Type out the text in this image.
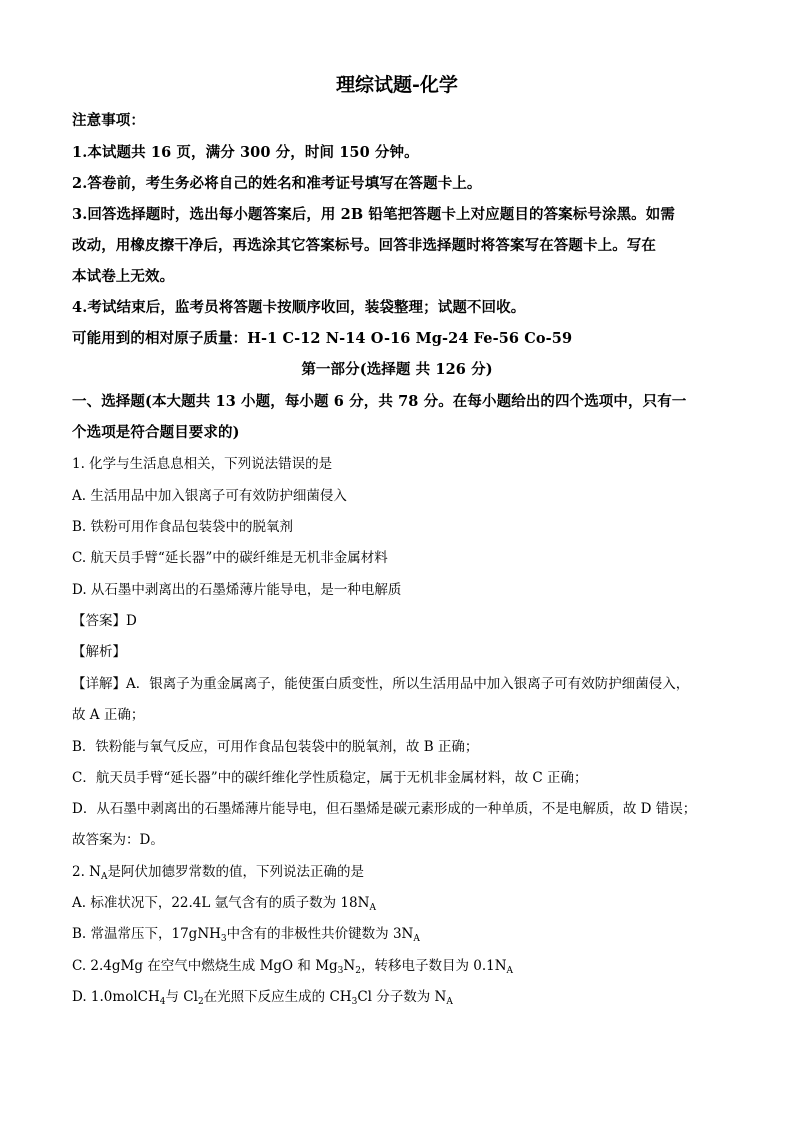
理综试题-化学
注意事项：
1.本试题共 16 页，满分 300 分，时间 150 分钟。
2.答卷前，考生务必将自己的姓名和准考证号填写在答题卡上。
3.回答选择题时，选出每小题答案后，用 2B 铅笔把答题卡上对应题目的答案标号涂黑。如需
改动，用橡皮擦干净后，再选涂其它答案标号。回答非选择题时将答案写在答题卡上。写在
本试卷上无效。
4.考试结束后，监考员将答题卡按顺序收回，装袋整理；试题不回收。
可能用到的相对原子质量：H-1 C-12 N-14 O-16 Mg-24 Fe-56 Co-59
第一部分(选择题 共 126 分)
一、选择题(本大题共 13 小题，每小题 6 分，共 78 分。在每小题给出的四个选项中，只有一
个选项是符合题目要求的)
1. 化学与生活息息相关，下列说法错误的是
A. 生活用品中加入银离子可有效防护细菌侵入
B. 铁粉可用作食品包装袋中的脱氧剂
C. 航天员手臂“延长器”中的碳纤维是无机非金属材料
D. 从石墨中剥离出的石墨烯薄片能导电，是一种电解质
【答案】D
【解析】
【详解】A．银离子为重金属离子，能使蛋白质变性，所以生活用品中加入银离子可有效防护细菌侵入，
故 A 正确；
B．铁粉能与氧气反应，可用作食品包装袋中的脱氧剂，故 B 正确；
C．航天员手臂“延长器”中的碳纤维化学性质稳定，属于无机非金属材料，故 C 正确；
D．从石墨中剥离出的石墨烯薄片能导电，但石墨烯是碳元素形成的一种单质，不是电解质，故 D 错误；
故答案为：D。
2. $N_A$是阿伏加德罗常数的值，下列说法正确的是
A. 标准状况下，22.4L 氩气含有的质子数为 $18N_A$
B. 常温常压下，17gNH$_3$中含有的非极性共价键数为 $3N_A$
C. 2.4gMg 在空气中燃烧生成 MgO 和 $Mg_3N_2$，转移电子数目为 $0.1N_A$
D. 1.0molCH$_4$与 $Cl_2$在光照下反应生成的 $CH_3Cl$ 分子数为 $N_A$
